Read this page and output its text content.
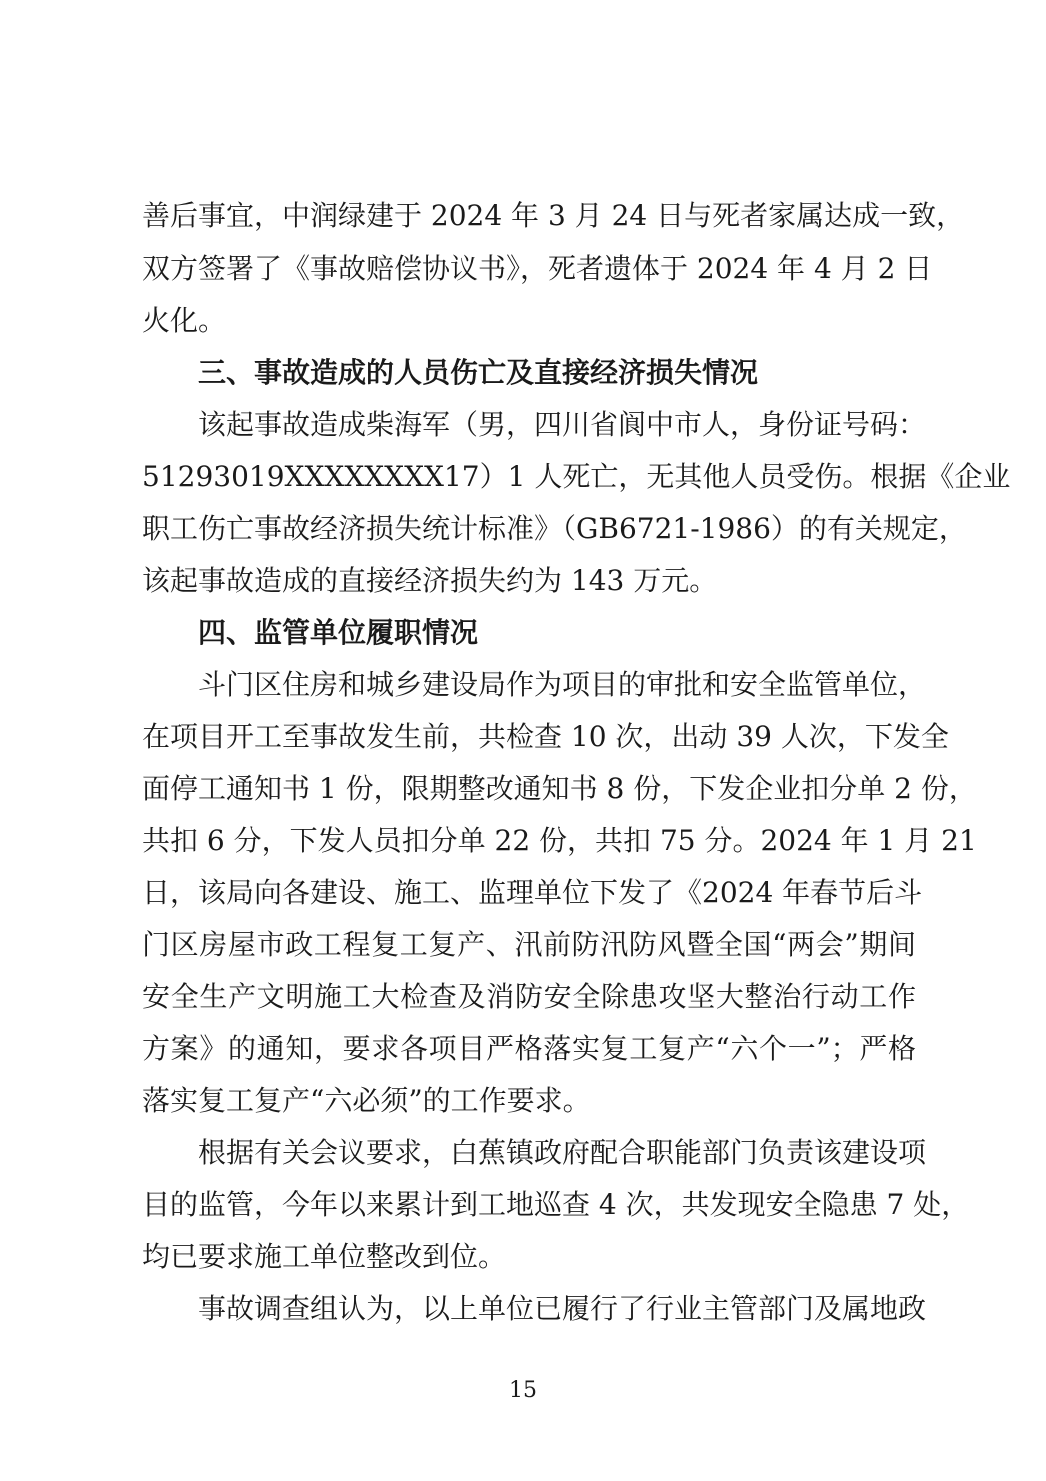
善后事宜，中润绿建于 2024 年 3 月 24 日与死者家属达成一致，
双方签署了《事故赔偿协议书》，死者遗体于 2024 年 4 月 2 日
火化。
三、事故造成的人员伤亡及直接经济损失情况
该起事故造成柴海军（男，四川省阆中市人，身份证号码：
51293019XXXXXXXX17）1 人死亡，无其他人员受伤。根据《企业
职工伤亡事故经济损失统计标准》（GB6721-1986）的有关规定，
该起事故造成的直接经济损失约为 143 万元。
四、监管单位履职情况
斗门区住房和城乡建设局作为项目的审批和安全监管单位，
在项目开工至事故发生前，共检查 10 次，出动 39 人次，下发全
面停工通知书 1 份，限期整改通知书 8 份，下发企业扣分单 2 份，
共扣 6 分，下发人员扣分单 22 份，共扣 75 分。2024 年 1 月 21
日，该局向各建设、施工、监理单位下发了《2024 年春节后斗
门区房屋市政工程复工复产、汛前防汛防风暨全国“两会”期间
安全生产文明施工大检查及消防安全除患攻坚大整治行动工作
方案》的通知，要求各项目严格落实复工复产“六个一”；严格
落实复工复产“六必须”的工作要求。
根据有关会议要求，白蕉镇政府配合职能部门负责该建设项
目的监管，今年以来累计到工地巡查 4 次，共发现安全隐患 7 处，
均已要求施工单位整改到位。
事故调查组认为，以上单位已履行了行业主管部门及属地政
15
